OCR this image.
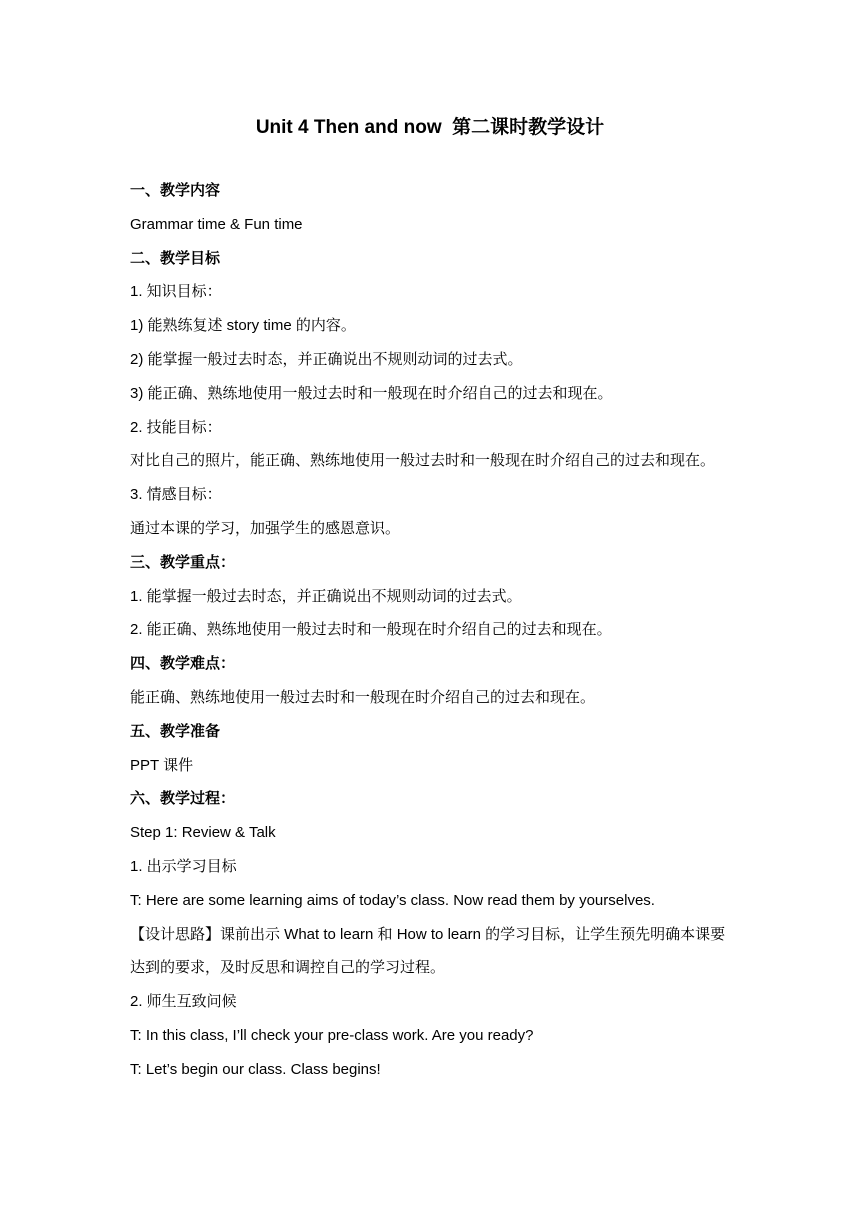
Unit 4 Then and now  第二课时教学设计
一、教学内容
Grammar time & Fun time
二、教学目标
1. 知识目标：
1) 能熟练复述 story time 的内容。
2) 能掌握一般过去时态，并正确说出不规则动词的过去式。
3) 能正确、熟练地使用一般过去时和一般现在时介绍自己的过去和现在。
2. 技能目标：
对比自己的照片，能正确、熟练地使用一般过去时和一般现在时介绍自己的过去和现在。
3. 情感目标：
通过本课的学习，加强学生的感恩意识。
三、教学重点：
1. 能掌握一般过去时态，并正确说出不规则动词的过去式。
2. 能正确、熟练地使用一般过去时和一般现在时介绍自己的过去和现在。
四、教学难点：
能正确、熟练地使用一般过去时和一般现在时介绍自己的过去和现在。
五、教学准备
PPT 课件
六、教学过程：
Step 1: Review & Talk
1. 出示学习目标
T: Here are some learning aims of today’s class. Now read them by yourselves.
【设计思路】课前出示 What to learn 和 How to learn 的学习目标，让学生预先明确本课要达到的要求，及时反思和调控自己的学习过程。
2. 师生互致问候
T: In this class, I’ll check your pre-class work. Are you ready?
T: Let’s begin our class. Class begins!
